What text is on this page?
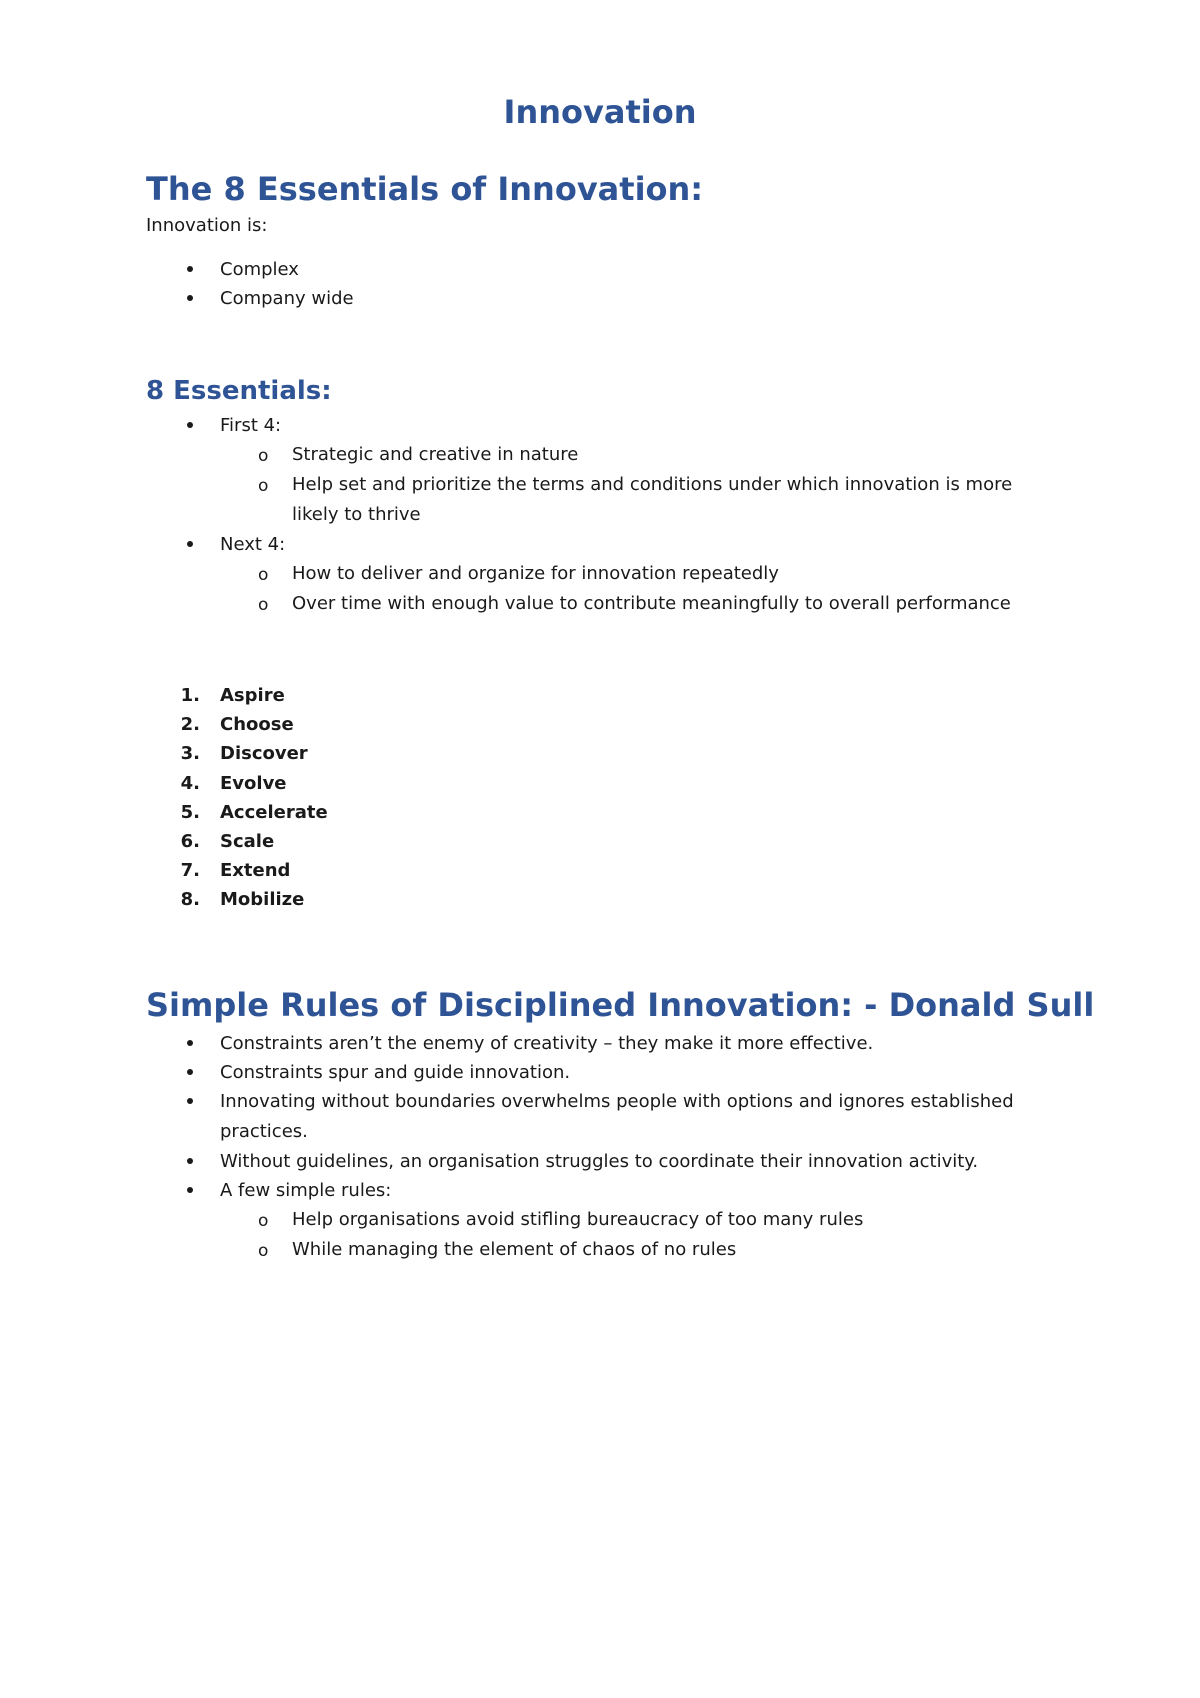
Innovation
The 8 Essentials of Innovation:

Innovation is:

Complex

Company wide

8 Essentials:

First 4:

o Strategic and creative in nature

o Help set and prioritize the terms and conditions under which innovation is more

likely to thrive

Next 4:

o How to deliver and organize for innovation repeatedly

o Over time with enough value to contribute meaningfully to overall performance

1. Aspire
2. Choose
3. Discover
4. Evolve
5. Accelerate
6. Scale
7. Extend
8. Mobilize
Simple Rules of Disciplined Innovation: - Donald Sull

Constraints aren’t the enemy of creativity – they make it more effective.

Constraints spur and guide innovation.

Innovating without boundaries overwhelms people with options and ignores established

practices.

Without guidelines, an organisation struggles to coordinate their innovation activity.

A few simple rules:

o Help organisations avoid stifling bureaucracy of too many rules

o While managing the element of chaos of no rules
